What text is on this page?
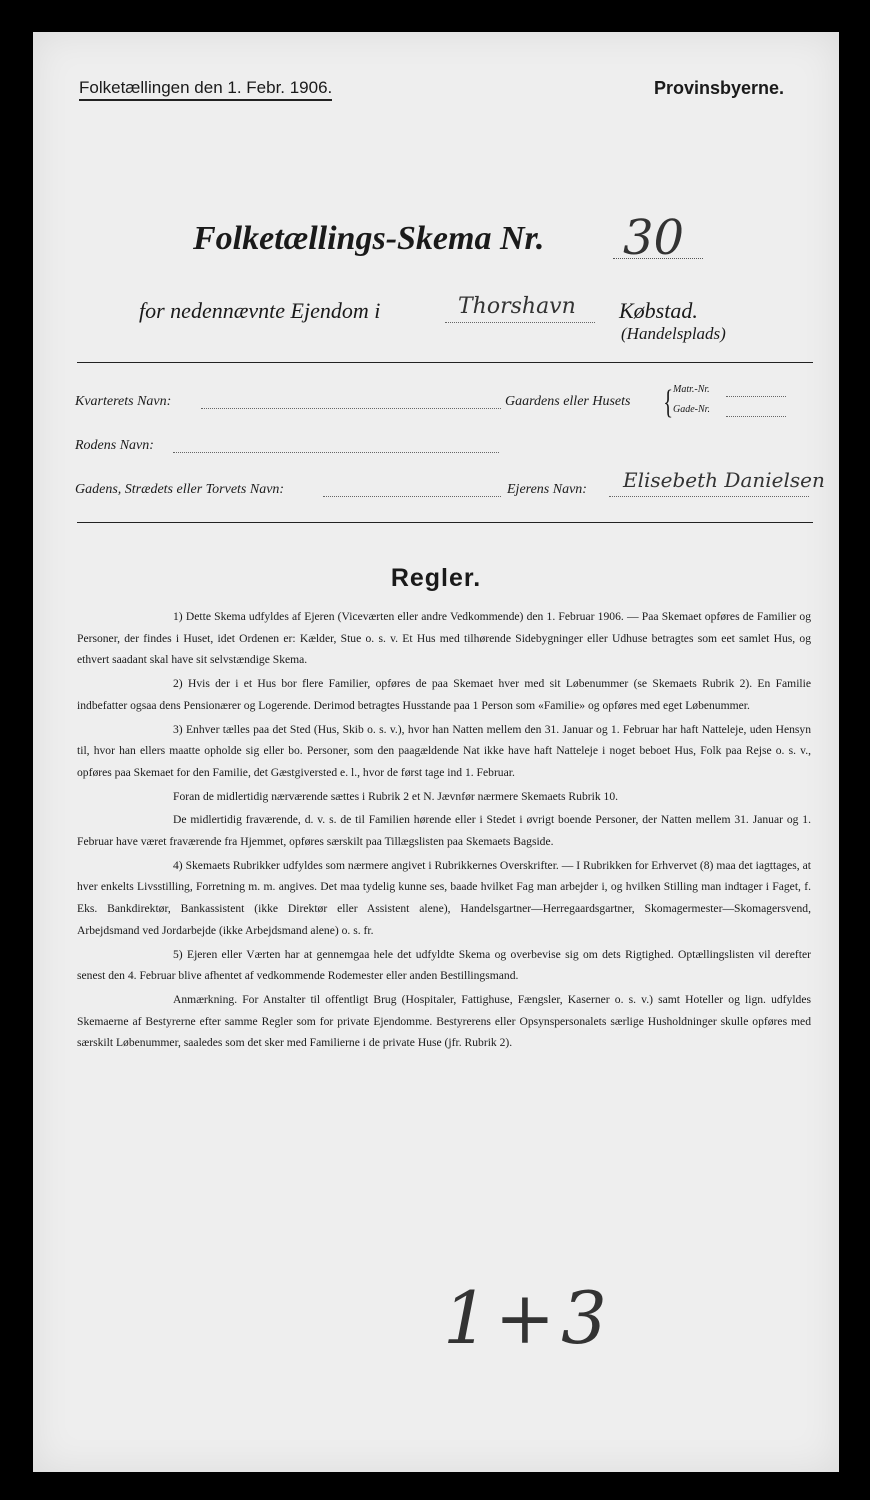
Folketællingen den 1. Febr. 1906.	Provinsbyerne.
Folketællings-Skema Nr. 30
for nedennævnte Ejendom i	Thorshavn Købstad.
(Handelsplads)
Kvarterets Navn:	Gaardens eller Husets { Matr.-Nr.
Gade-Nr.
Rodens Navn:
Gadens, Strædets eller Torvets Navn:	Ejerens Navn: Elisebeth Danielsen
Regler.

1) Dette Skema udfyldes af Ejeren (Viceværten eller andre Vedkommende) den 1. Februar 1906. — Paa Skemaet opføres de Familier og Personer, der findes i Huset, idet Ordenen er: Kælder, Stue o. s. v. Et Hus med tilhørende Sidebygninger eller Udhuse betragtes som eet samlet Hus, og ethvert saadant skal have sit selvstændige Skema.

2) Hvis der i et Hus bor flere Familier, opføres de paa Skemaet hver med sit Løbenummer (se Skemaets Rubrik 2). En Familie indbefatter ogsaa dens Pensionærer og Logerende. Derimod betragtes Husstande paa 1 Person som «Familie» og opføres med eget Løbenummer.

3) Enhver tælles paa det Sted (Hus, Skib o. s. v.), hvor han Natten mellem den 31. Januar og 1. Februar har haft Natteleje, uden Hensyn til, hvor han ellers maatte opholde sig eller bo. Personer, som den paagældende Nat ikke have haft Natteleje i noget beboet Hus, Folk paa Rejse o. s. v., opføres paa Skemaet for den Familie, det Gæstgiversted e. l., hvor de først tage ind 1. Februar.

Foran de midlertidig nærværende sættes i Rubrik 2 et N. Jævnfør nærmere Skemaets Rubrik 10.

De midlertidig fraværende, d. v. s. de til Familien hørende eller i Stedet i øvrigt boende Personer, der Natten mellem 31. Januar og 1. Februar have været fraværende fra Hjemmet, opføres særskilt paa Tillægslisten paa Skemaets Bagside.

4) Skemaets Rubrikker udfyldes som nærmere angivet i Rubrikkernes Overskrifter. — I Rubrikken for Erhvervet (8) maa det iagttages, at hver enkelts Livsstilling, Forretning m. m. angives. Det maa tydelig kunne ses, baade hvilket Fag man arbejder i, og hvilken Stilling man indtager i Faget, f. Eks. Bankdirektør, Bankassistent (ikke Direktør eller Assistent alene), Handelsgartner—Herregaardsgartner, Skomagermester—Skomagersvend, Arbejdsmand ved Jordarbejde (ikke Arbejdsmand alene) o. s. fr.

5) Ejeren eller Værten har at gennemgaa hele det udfyldte Skema og overbevise sig om dets Rigtighed. Optællingslisten vil derefter senest den 4. Februar blive afhentet af vedkommende Rodemester eller anden Bestillingsmand.

Anmærkning. For Anstalter til offentligt Brug (Hospitaler, Fattighuse, Fængsler, Kaserner o. s. v.) samt Hoteller og lign. udfyldes Skemaerne af Bestyrerne efter samme Regler som for private Ejendomme. Bestyrerens eller Opsynspersonalets særlige Husholdninger skulle opføres med særskilt Løbenummer, saaledes som det sker med Familierne i de private Huse (jfr. Rubrik 2).

1+3
